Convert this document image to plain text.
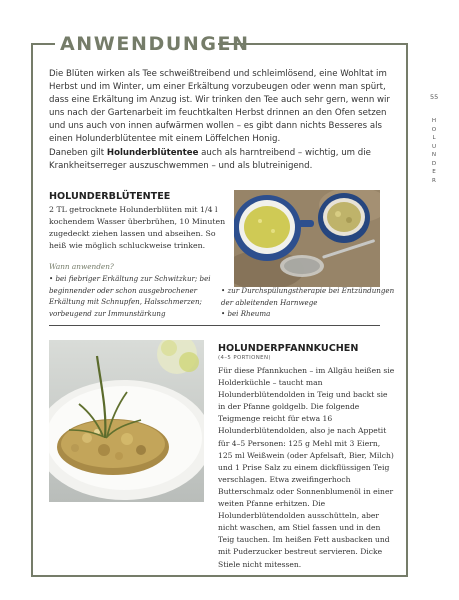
ANWENDUNGEN

Die Blüten wirken als Tee schweißtreibend und schleimlösend, eine Wohltat im Herbst und im Winter, um einer Erkältung vorzubeugen oder wenn man spürt, dass eine Erkältung im Anzug ist. Wir trinken den Tee auch sehr gern, wenn wir uns nach der Gartenarbeit im feuchtkalten Herbst drinnen an den Ofen setzen und uns auch von innen aufwärmen wollen – es gibt dann nichts Besseres als einen Holunderblütentee mit einem Löffelchen Honig.
Daneben gilt Holunderblütentee auch als harntreibend – wichtig, um die Krankheitserreger auszuschwemmen – und als blutreinigend.

55
H
O
L
U
N
D
E
R
HOLUNDERBLÜTENTEE

2 TL getrocknete Holunderblüten mit 1/4 l kochendem Wasser überbrühen, 10 Minuten zugedeckt ziehen lassen und abseihen. So heiß wie möglich schluckweise trinken.

Wann anwenden?
• bei fiebriger Erkältung zur Schwitzkur; bei beginnender oder schon ausgebrochener Erkältung mit Schnupfen, Halsschmerzen; vorbeugend zur Immunstärkung
• zur Durchspülungstherapie bei Entzündungen der ableitenden Harnwege
• bei Rheuma
HOLUNDERPFANNKUCHEN
(4–5 PORTIONEN)

Für diese Pfannkuchen – im Allgäu heißen sie Holderküchle – taucht man Holunderblütendolden in Teig und backt sie in der Pfanne goldgelb. Die folgende Teigmenge reicht für etwa 16 Holunderblütendolden, also je nach Appetit für 4–5 Personen: 125 g Mehl mit 3 Eiern, 125 ml Weißwein (oder Apfelsaft, Bier, Milch) und 1 Prise Salz zu einem dickflüssigen Teig verschlagen. Etwa zweifingerhoch Butterschmalz oder Sonnenblumenöl in einer weiten Pfanne erhitzen. Die Holunderblütendolden ausschütteln, aber nicht waschen, am Stiel fassen und in den Teig tauchen. Im heißen Fett ausbacken und mit Puderzucker bestreut servieren. Dicke Stiele nicht mitessen.
